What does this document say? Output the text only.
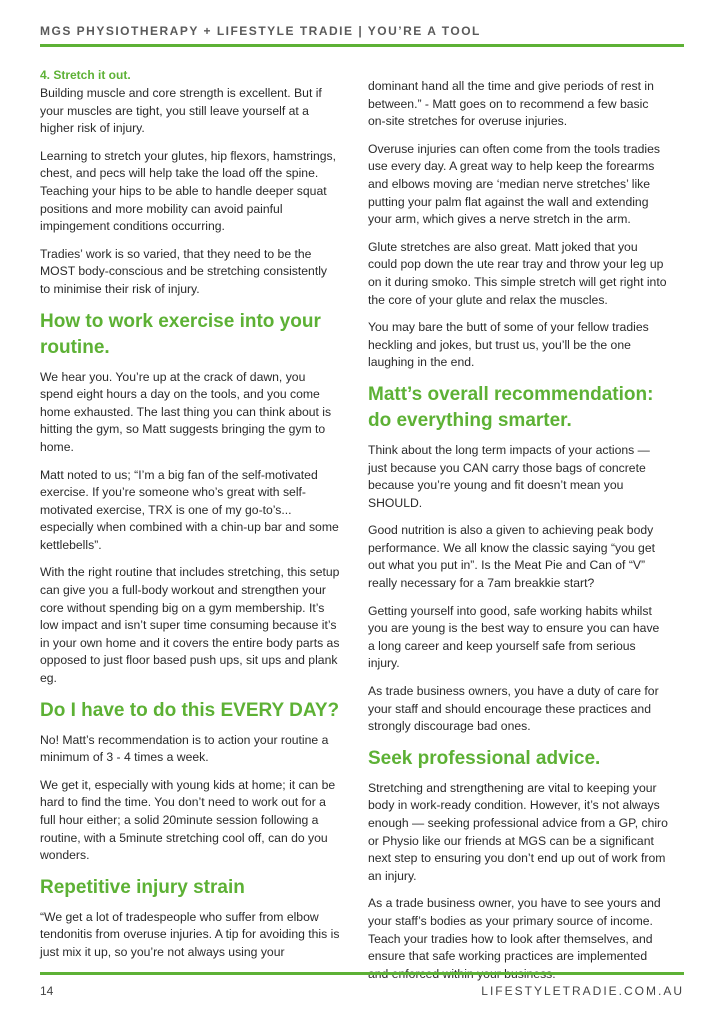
MGS PHYSIOTHERAPY + LIFESTYLE TRADIE | YOU’RE A TOOL
4. Stretch it out.

Building muscle and core strength is excellent. But if your muscles are tight, you still leave yourself at a higher risk of injury.

Learning to stretch your glutes, hip flexors, hamstrings, chest, and pecs will help take the load off the spine. Teaching your hips to be able to handle deeper squat positions and more mobility can avoid painful impingement conditions occurring.

Tradies’ work is so varied, that they need to be the MOST body-conscious and be stretching consistently to minimise their risk of injury.

How to work exercise into your routine.

We hear you. You’re up at the crack of dawn, you spend eight hours a day on the tools, and you come home exhausted. The last thing you can think about is hitting the gym, so Matt suggests bringing the gym to home.

Matt noted to us; “I’m a big fan of the self-motivated exercise. If you’re someone who’s great with self-motivated exercise, TRX is one of my go-to’s... especially when combined with a chin-up bar and some kettlebells”.

With the right routine that includes stretching, this setup can give you a full-body workout and strengthen your core without spending big on a gym membership. It’s low impact and isn’t super time consuming because it’s in your own home and it covers the entire body parts as opposed to just floor based push ups, sit ups and plank eg.

Do I have to do this EVERY DAY?

No! Matt’s recommendation is to action your routine a minimum of 3 - 4 times a week.

We get it, especially with young kids at home; it can be hard to find the time. You don’t need to work out for a full hour either; a solid 20minute session following a routine, with a 5minute stretching cool off, can do you wonders.

Repetitive injury strain

“We get a lot of tradespeople who suffer from elbow tendonitis from overuse injuries. A tip for avoiding this is just mix it up, so you’re not always using your

dominant hand all the time and give periods of rest in between.” - Matt goes on to recommend a few basic on-site stretches for overuse injuries.

Overuse injuries can often come from the tools tradies use every day. A great way to help keep the forearms and elbows moving are ‘median nerve stretches’ like putting your palm flat against the wall and extending your arm, which gives a nerve stretch in the arm.

Glute stretches are also great. Matt joked that you could pop down the ute rear tray and throw your leg up on it during smoko. This simple stretch will get right into the core of your glute and relax the muscles.

You may bare the butt of some of your fellow tradies heckling and jokes, but trust us, you’ll be the one laughing in the end.

Matt’s overall recommendation: do everything smarter.

Think about the long term impacts of your actions — just because you CAN carry those bags of concrete because you’re young and fit doesn’t mean you SHOULD.

Good nutrition is also a given to achieving peak body performance. We all know the classic saying “you get out what you put in”. Is the Meat Pie and Can of “V” really necessary for a 7am breakkie start?

Getting yourself into good, safe working habits whilst you are young is the best way to ensure you can have a long career and keep yourself safe from serious injury.

As trade business owners, you have a duty of care for your staff and should encourage these practices and strongly discourage bad ones.

Seek professional advice.

Stretching and strengthening are vital to keeping your body in work-ready condition. However, it’s not always enough — seeking professional advice from a GP, chiro or Physio like our friends at MGS can be a significant next step to ensuring you don’t end up out of work from an injury.

As a trade business owner, you have to see yours and your staff’s bodies as your primary source of income. Teach your tradies how to look after themselves, and ensure that safe working practices are implemented

14	LIFESTYLETRADIE.COM.AU
